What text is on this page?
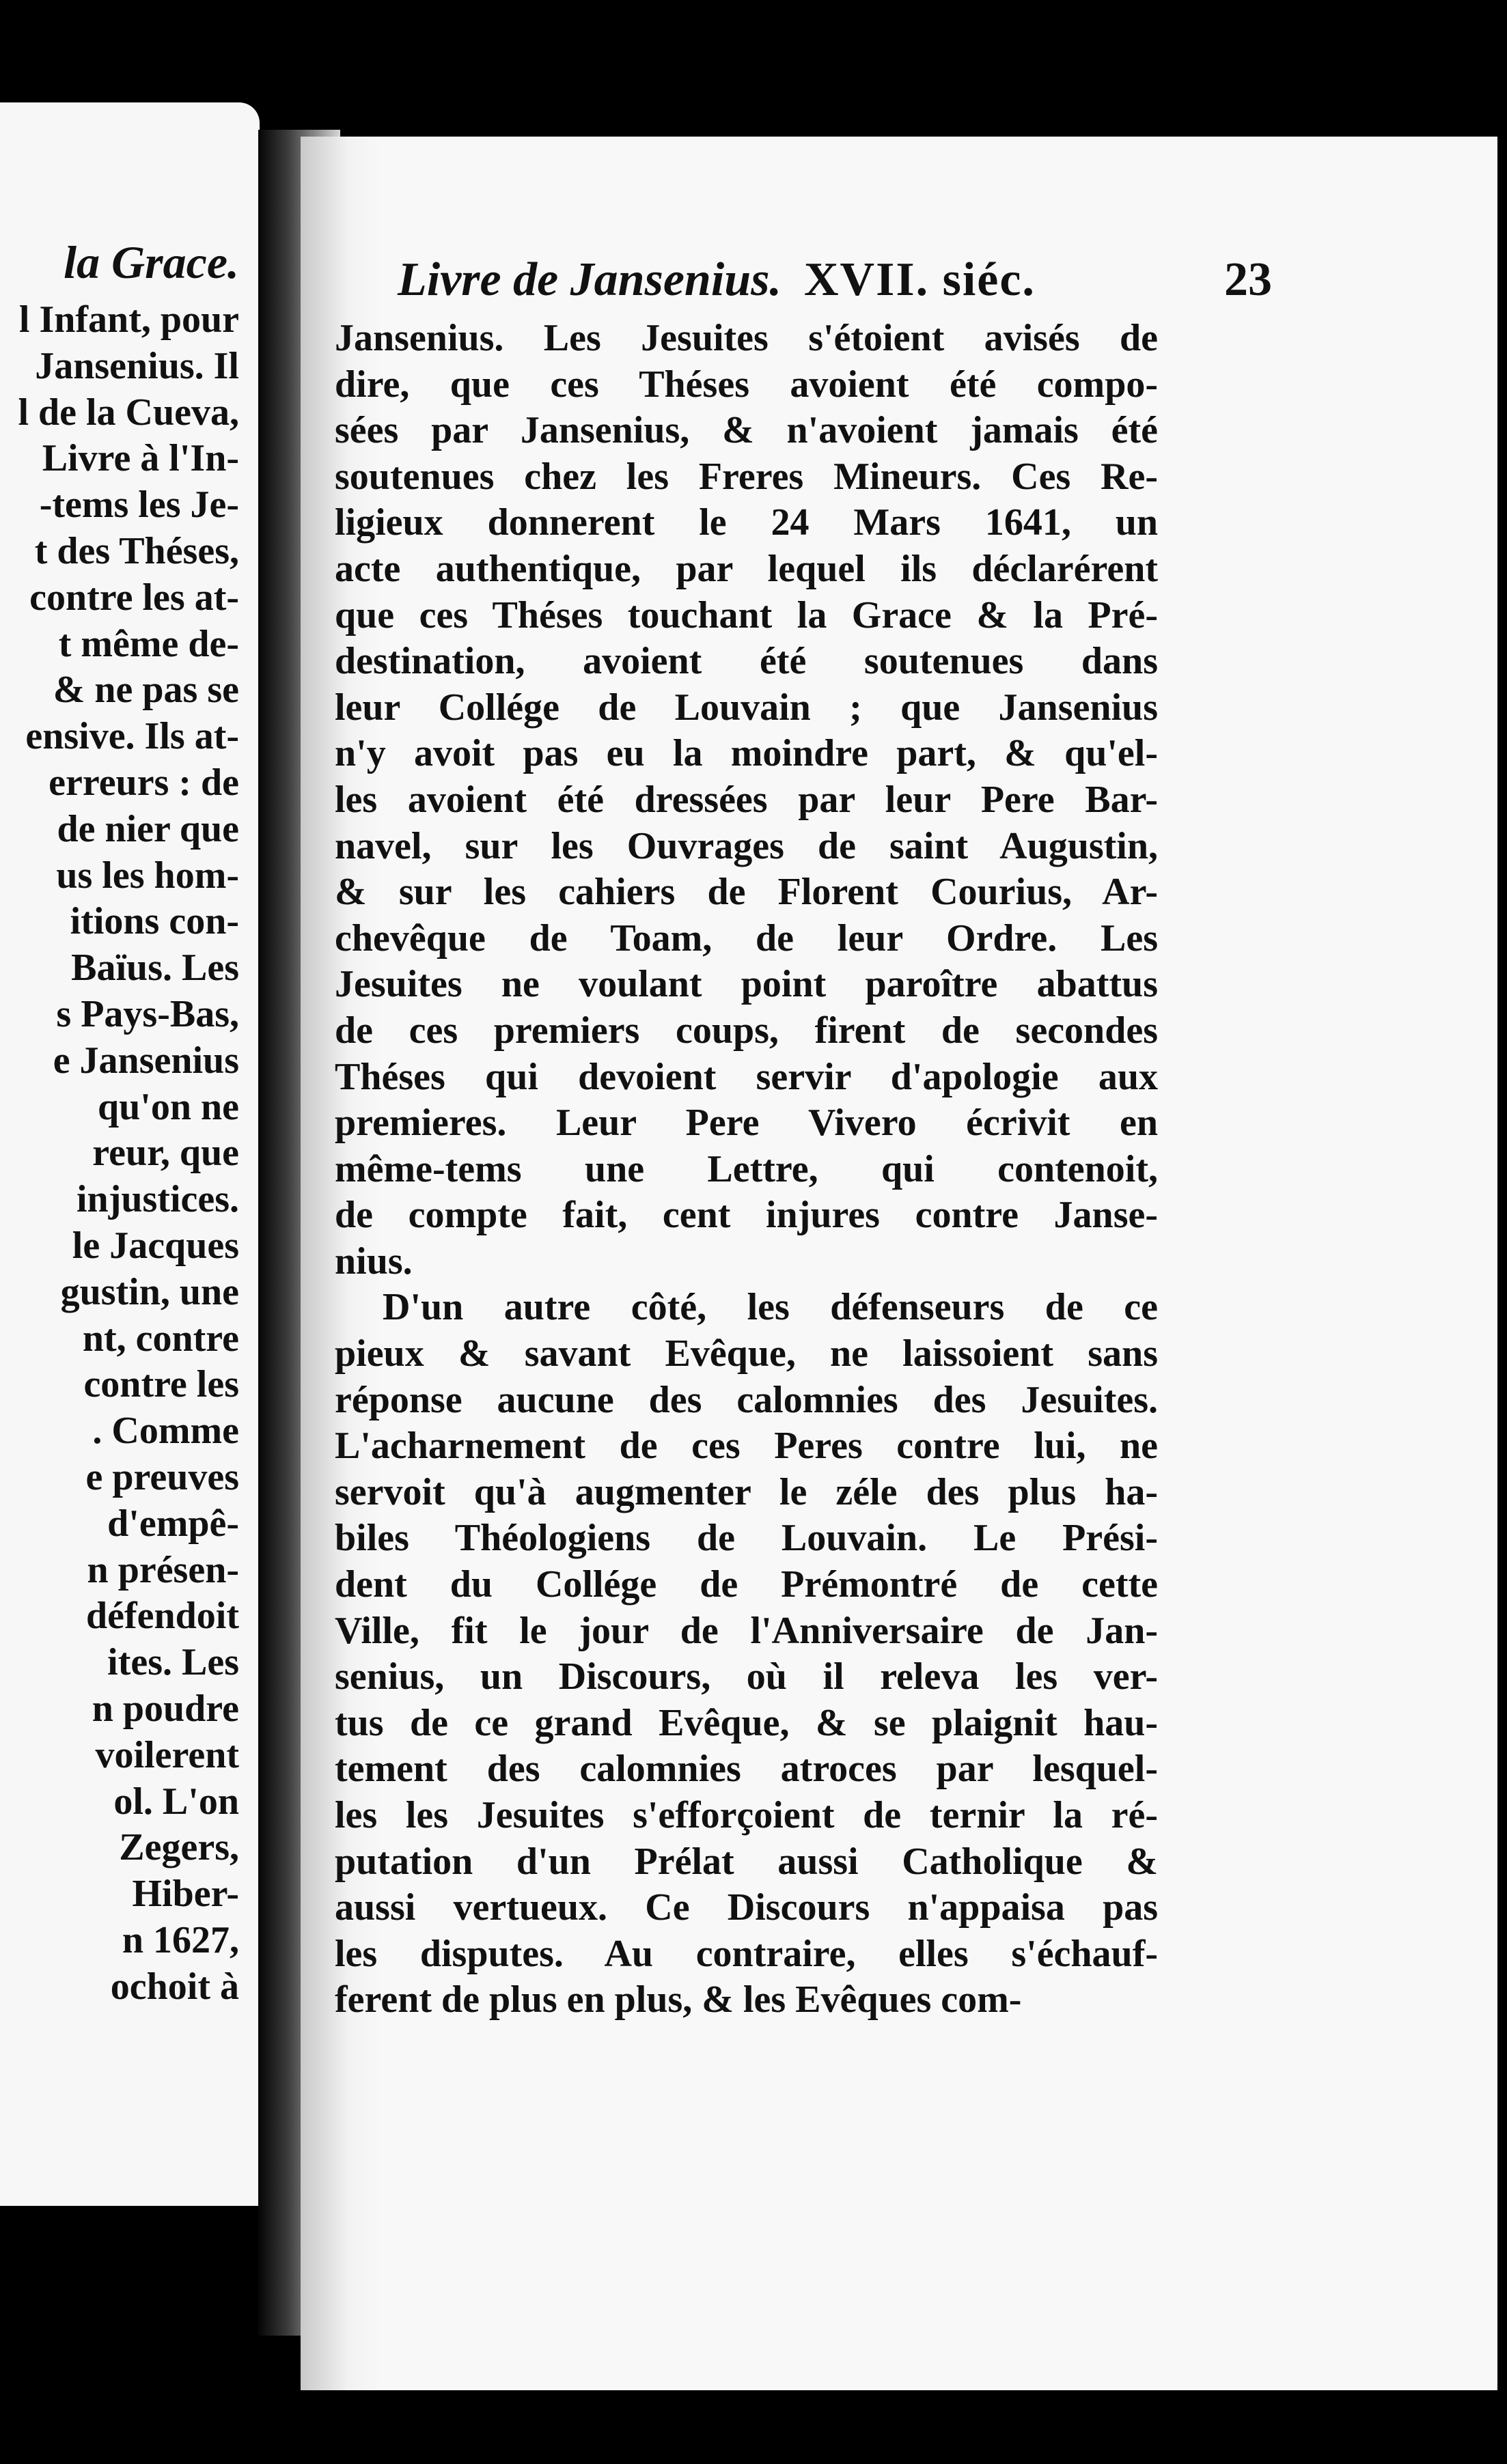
la Grace.

l Infant, pour
Jansenius. Il
l de la Cueva,
Livre à l'In-
-tems les Je-
t des Théses,
contre les at-
t même de-
& ne pas se
ensive. Ils at-
erreurs : de
de nier que
us les hom-
itions con-
Baïus. Les
s Pays-Bas,
e Jansenius
qu'on ne
reur, que
injustices.
le Jacques
gustin, une
nt, contre
contre les
. Comme
e preuves
d'empê-
n présen-
défendoit
ites. Les
n poudre
voilerent
ol. L'on
Zegers,
Hiber-
n 1627,
ochoit à
Livre de Jansenius. XVII. siéc.	23
Jansenius. Les Jesuites s'étoient avisés de
dire, que ces Théses avoient été compo-
sées par Jansenius, & n'avoient jamais été
soutenues chez les Freres Mineurs. Ces Re-
ligieux donnerent le 24 Mars 1641, un
acte authentique, par lequel ils déclarérent
que ces Théses touchant la Grace & la Pré-
destination, avoient été soutenues dans
leur Collége de Louvain ; que Jansenius
n'y avoit pas eu la moindre part, & qu'el-
les avoient été dressées par leur Pere Bar-
navel, sur les Ouvrages de saint Augustin,
& sur les cahiers de Florent Courius, Ar-
chevêque de Toam, de leur Ordre. Les
Jesuites ne voulant point paroître abattus
de ces premiers coups, firent de secondes
Théses qui devoient servir d'apologie aux
premieres. Leur Pere Vivero écrivit en
même-tems une Lettre, qui contenoit,
de compte fait, cent injures contre Janse-
nius.
D'un autre côté, les défenseurs de ce
pieux & savant Evêque, ne laissoient sans
réponse aucune des calomnies des Jesuites.
L'acharnement de ces Peres contre lui, ne
servoit qu'à augmenter le zéle des plus ha-
biles Théologiens de Louvain. Le Prési-
dent du Collége de Prémontré de cette
Ville, fit le jour de l'Anniversaire de Jan-
senius, un Discours, où il releva les ver-
tus de ce grand Evêque, & se plaignit hau-
tement des calomnies atroces par lesquel-
les les Jesuites s'efforçoient de ternir la ré-
putation d'un Prélat aussi Catholique &
aussi vertueux. Ce Discours n'appaisa pas
les disputes. Au contraire, elles s'échauf-
ferent de plus en plus, & les Evêques com-
